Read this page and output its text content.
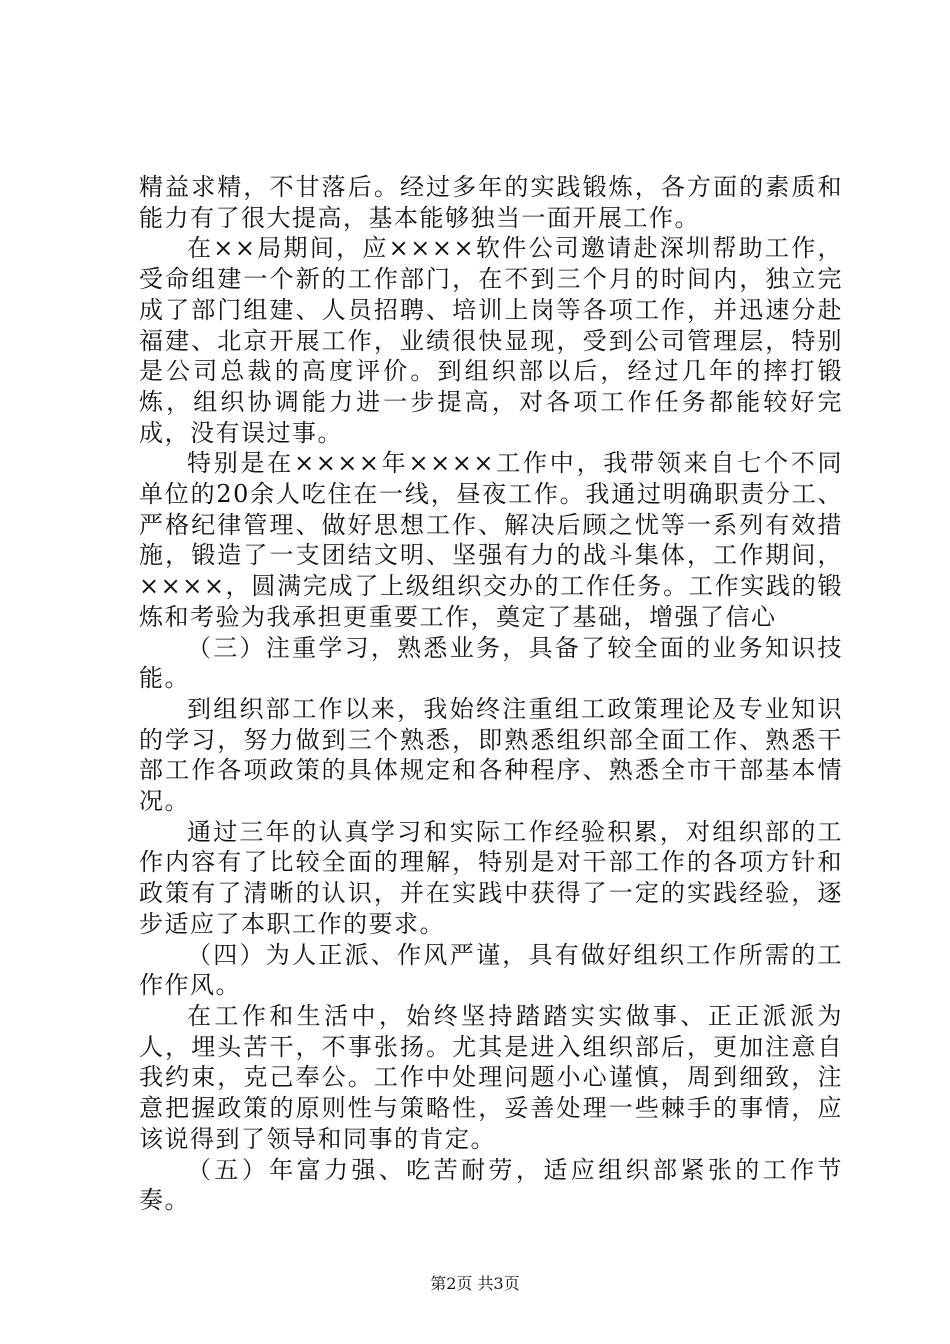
精益求精，不甘落后。经过多年的实践锻炼，各方面的素质和能力有了很大提高，基本能够独当一面开展工作。

在××局期间，应××××软件公司邀请赴深圳帮助工作，受命组建一个新的工作部门，在不到三个月的时间内，独立完成了部门组建、人员招聘、培训上岗等各项工作，并迅速分赴福建、北京开展工作，业绩很快显现，受到公司管理层，特别是公司总裁的高度评价。到组织部以后，经过几年的摔打锻炼，组织协调能力进一步提高，对各项工作任务都能较好完成，没有误过事。

特别是在××××年××××工作中，我带领来自七个不同单位的20余人吃住在一线，昼夜工作。我通过明确职责分工、严格纪律管理、做好思想工作、解决后顾之忧等一系列有效措施，锻造了一支团结文明、坚强有力的战斗集体，工作期间，××××，圆满完成了上级组织交办的工作任务。工作实践的锻炼和考验为我承担更重要工作，奠定了基础，增强了信心

（三）注重学习，熟悉业务，具备了较全面的业务知识技能。

到组织部工作以来，我始终注重组工政策理论及专业知识的学习，努力做到三个熟悉，即熟悉组织部全面工作、熟悉干部工作各项政策的具体规定和各种程序、熟悉全市干部基本情况。

通过三年的认真学习和实际工作经验积累，对组织部的工作内容有了比较全面的理解，特别是对干部工作的各项方针和政策有了清晰的认识，并在实践中获得了一定的实践经验，逐步适应了本职工作的要求。

（四）为人正派、作风严谨，具有做好组织工作所需的工作作风。

在工作和生活中，始终坚持踏踏实实做事、正正派派为人，埋头苦干，不事张扬。尤其是进入组织部后，更加注意自我约束，克己奉公。工作中处理问题小心谨慎，周到细致，注意把握政策的原则性与策略性，妥善处理一些棘手的事情，应该说得到了领导和同事的肯定。

（五）年富力强、吃苦耐劳，适应组织部紧张的工作节奏。

第2页 共3页
